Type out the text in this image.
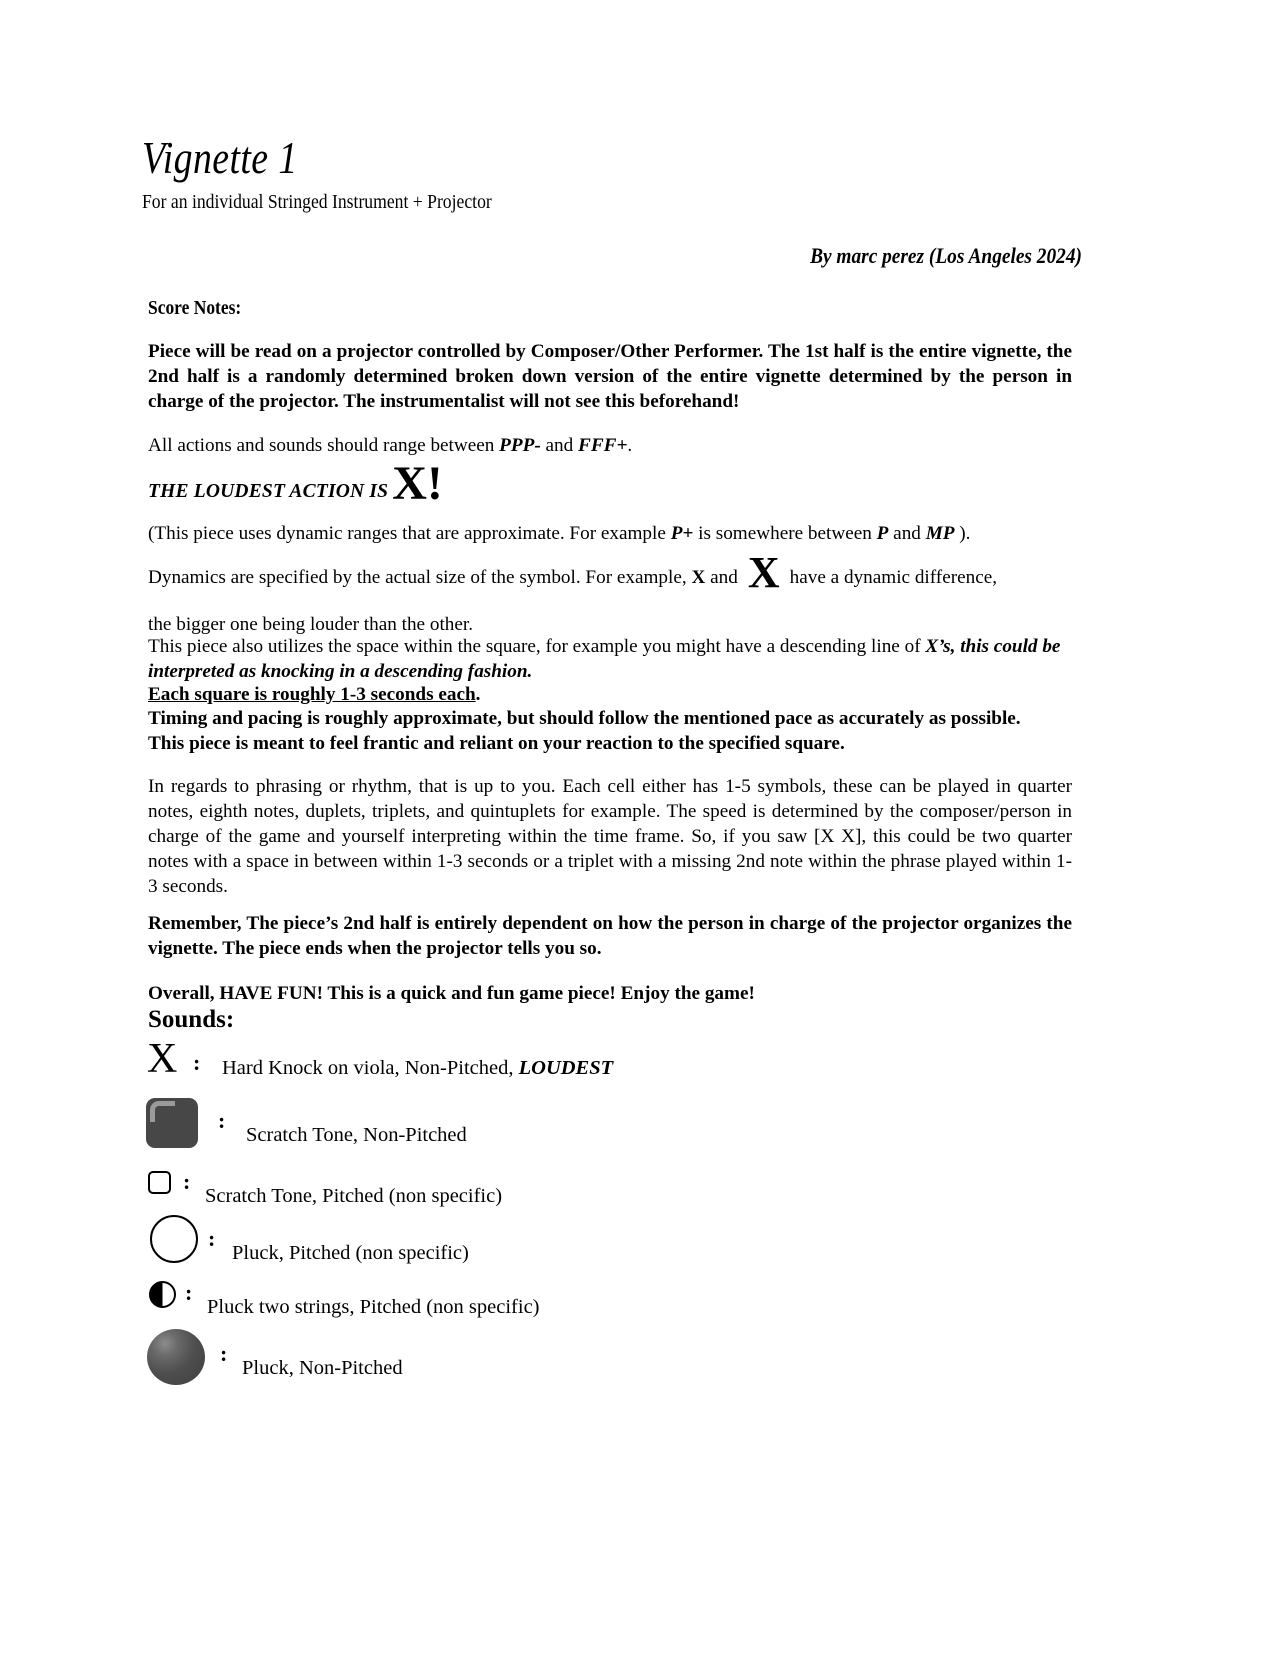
Vignette 1
For an individual Stringed Instrument + Projector
By marc perez (Los Angeles 2024)
Score Notes:
Piece will be read on a projector controlled by Composer/Other Performer. The 1st half is the entire vignette, the 2nd half is a randomly determined broken down version of the entire vignette determined by the person in charge of the projector. The instrumentalist will not see this beforehand!
All actions and sounds should range between PPP- and FFF+.
THE LOUDEST ACTION ISX!
(This piece uses dynamic ranges that are approximate. For example P+ is somewhere between P and MP ).
Dynamics are specified by the actual size of the symbol. For example, X and X have a dynamic difference,
the bigger one being louder than the other.
This piece also utilizes the space within the square, for example you might have a descending line of X’s, this could be interpreted as knocking in a descending fashion.
Each square is roughly 1-3 seconds each.
Timing and pacing is roughly approximate, but should follow the mentioned pace as accurately as possible.
This piece is meant to feel frantic and reliant on your reaction to the specified square.
In regards to phrasing or rhythm, that is up to you. Each cell either has 1-5 symbols, these can be played in quarter notes, eighth notes, duplets, triplets, and quintuplets for example. The speed is determined by the composer/person in charge of the game and yourself interpreting within the time frame. So, if you saw [X X], this could be two quarter notes with a space in between within 1-3 seconds or a triplet with a missing 2nd note within the phrase played within 1-3 seconds.
Remember, The piece’s 2nd half is entirely dependent on how the person in charge of the projector organizes the vignette. The piece ends when the projector tells you so.
Overall, HAVE FUN! This is a quick and fun game piece! Enjoy the game!
Sounds:
X : Hard Knock on viola, Non-Pitched, LOUDEST
:
Scratch Tone, Non-Pitched
:
Scratch Tone, Pitched (non specific)
:
Pluck, Pitched (non specific)
:
Pluck two strings, Pitched (non specific)
:
Pluck, Non-Pitched
